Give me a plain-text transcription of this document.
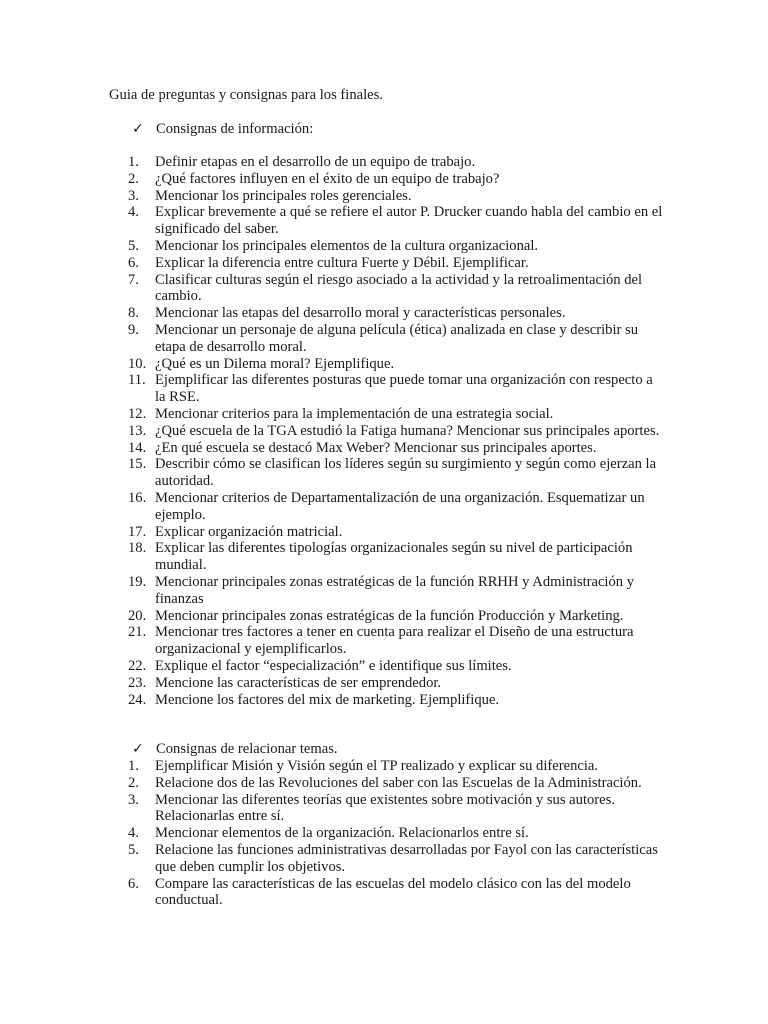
Guia de preguntas y consignas para los finales.
✓ Consignas de información:
1. Definir etapas en el desarrollo de un equipo de trabajo.
2. ¿Qué factores influyen en el éxito de un equipo de trabajo?
3. Mencionar los principales roles gerenciales.
4. Explicar brevemente a qué se refiere el autor P. Drucker cuando habla del cambio en el significado del saber.
5. Mencionar los principales elementos de la cultura organizacional.
6. Explicar la diferencia entre cultura Fuerte y Débil. Ejemplificar.
7. Clasificar culturas según el riesgo asociado a la actividad y la retroalimentación del cambio.
8. Mencionar las etapas del desarrollo moral y características personales.
9. Mencionar un personaje de alguna película (ética) analizada en clase y describir su etapa de desarrollo moral.
10. ¿Qué es un Dilema moral? Ejemplifique.
11. Ejemplificar las diferentes posturas que puede tomar una organización con respecto a la RSE.
12. Mencionar criterios para la implementación de una estrategia social.
13. ¿Qué escuela de la TGA estudió la Fatiga humana? Mencionar sus principales aportes.
14. ¿En qué escuela se destacó Max Weber? Mencionar sus principales aportes.
15. Describir cómo se clasifican los líderes según su surgimiento y según como ejerzan la autoridad.
16. Mencionar criterios de Departamentalización de una organización. Esquematizar un ejemplo.
17. Explicar organización matricial.
18. Explicar las diferentes tipologías organizacionales según su nivel de participación mundial.
19. Mencionar principales zonas estratégicas de la función RRHH y Administración y finanzas
20. Mencionar principales zonas estratégicas de la función Producción y Marketing.
21. Mencionar tres factores a tener en cuenta para realizar el Diseño de una estructura organizacional y ejemplificarlos.
22. Explique el factor “especialización” e identifique sus límites.
23. Mencione las características de ser emprendedor.
24. Mencione los factores del mix de marketing. Ejemplifique.
✓ Consignas de relacionar temas.
1. Ejemplificar Misión y Visión según el TP realizado y explicar su diferencia.
2. Relacione dos de las Revoluciones del saber con las Escuelas de la Administración.
3. Mencionar las diferentes teorías que existentes sobre motivación y sus autores. Relacionarlas entre sí.
4. Mencionar elementos de la organización. Relacionarlos entre sí.
5. Relacione las funciones administrativas desarrolladas por Fayol con las características que deben cumplir los objetivos.
6. Compare las características de las escuelas del modelo clásico con las del modelo conductual.
